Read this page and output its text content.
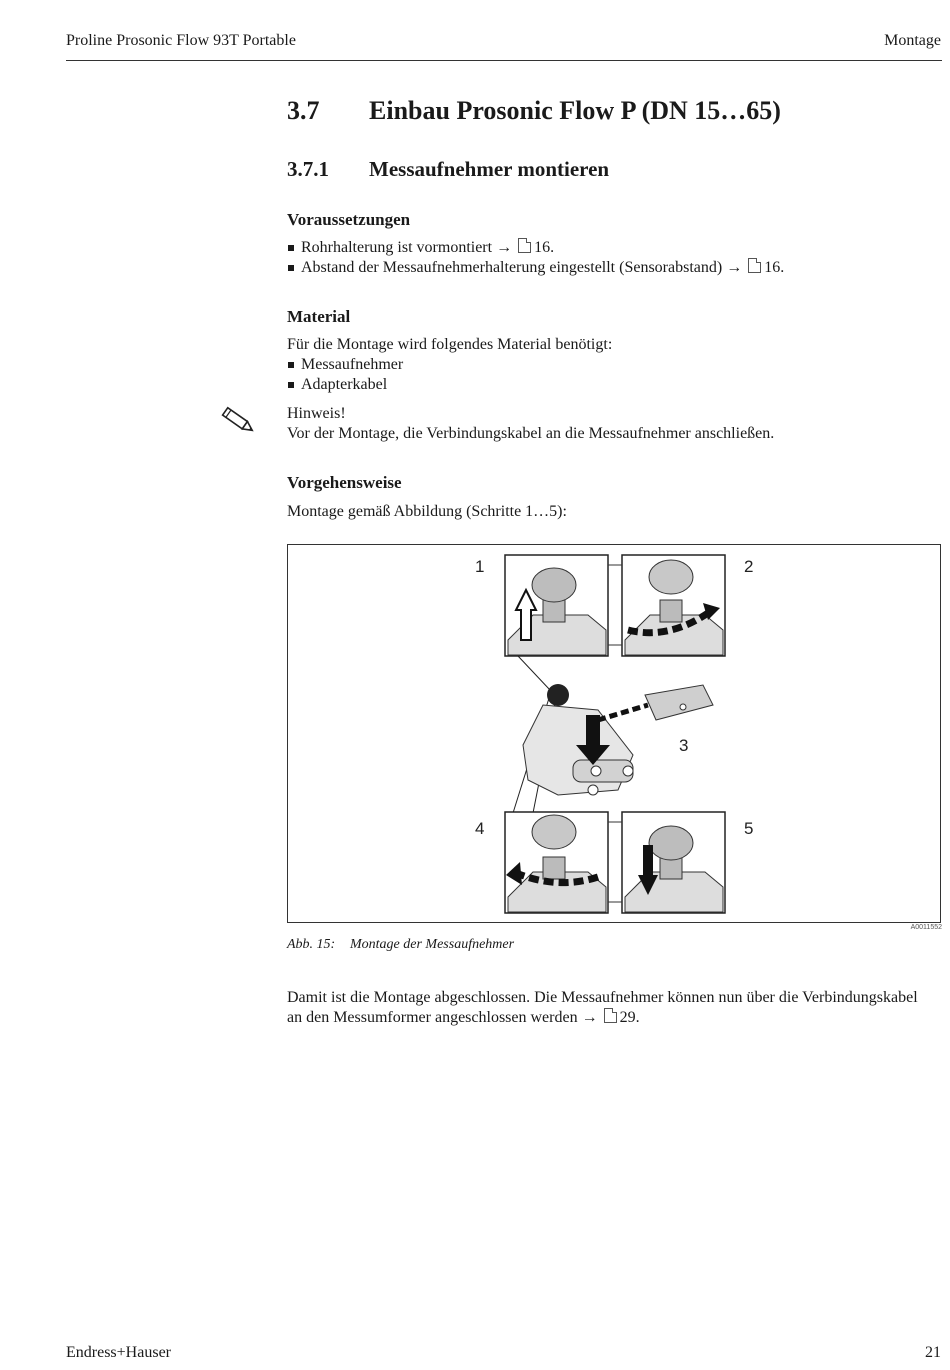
Proline Prosonic Flow 93T Portable	Montage
3.7 Einbau Prosonic Flow P (DN 15…65)
3.7.1 Messaufnehmer montieren
Voraussetzungen
Rohrhalterung ist vormontiert → 16.
Abstand der Messaufnehmerhalterung eingestellt (Sensorabstand) → 16.
Material
Für die Montage wird folgendes Material benötigt:
Messaufnehmer
Adapterkabel
Hinweis!
Vor der Montage, die Verbindungskabel an die Messaufnehmer anschließen.
Vorgehensweise
Montage gemäß Abbildung (Schritte 1…5):
1	2
3
4	5
A0011552
Abb. 15: Montage der Messaufnehmer
Damit ist die Montage abgeschlossen. Die Messaufnehmer können nun über die Verbindungskabel
an den Messumformer angeschlossen werden → 29.
Endress+Hauser	21
